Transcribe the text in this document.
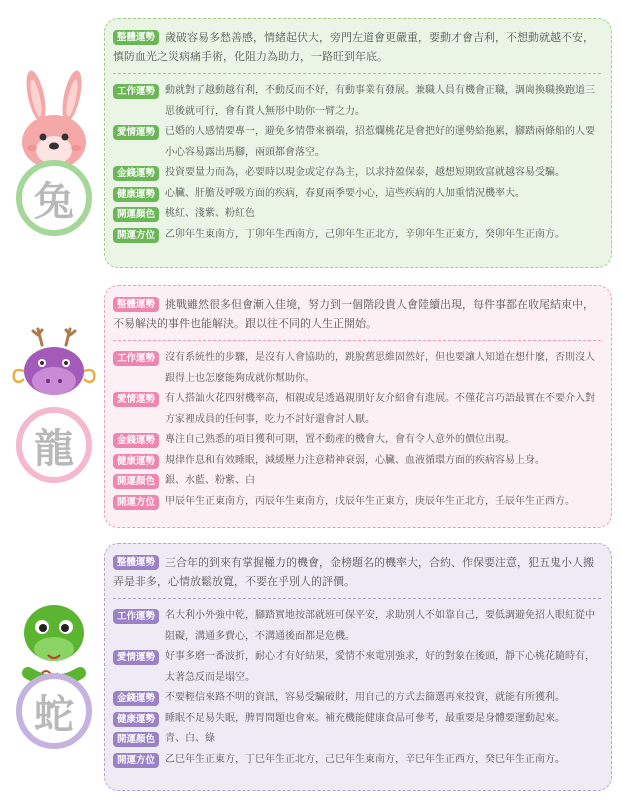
兔
整體運勢 歲破容易多愁善感，情緒起伏大，旁門左道會更嚴重，要動才會吉利，不想動就越不安，慎防血光之災病痛手術，化阻力為助力，一路旺到年底。
工作運勢	動就對了越動越有利，不動反而不好，有動事業有發展。兼職人員有機會正職，調崗換職換跑道三思後就可行，會有貴人無形中助你一臂之力。
愛情運勢	已婚的人感情要專一，避免多情帶來禍端，招惹爛桃花是會把好的運勢給拖累，腳踏兩條船的人要小心容易露出馬腳，兩頭都會落空。
金錢運勢	投資要量力而為，必要時以現金或定存為主，以求持盈保泰，越想短期致富就越容易受騙。
健康運勢	心臟、肝膽及呼吸方面的疾病，春夏兩季要小心，這些疾病的人加重情況機率大。
開運顏色	桃紅、淺紫、粉紅色
開運方位	乙卯年生東南方，丁卯年生西南方，己卯年生正北方，辛卯年生正東方，癸卯年生正南方。
龍
整體運勢 挑戰雖然很多但會漸入佳境，努力到一個階段貴人會陸續出現，每件事都在收尾結束中，不易解決的事件也能解決。跟以往不同的人生正開始。
工作運勢	沒有系統性的步驟，是沒有人會協助的，跳脫舊思維固然好，但也要讓人知道在想什麼，否則沒人跟得上也怎麼能夠成就你幫助你。
愛情運勢	有人搭訕火花四射機率高，相親或是透過親朋好友介紹會有進展。不僅花言巧語最實在不要介入對方家裡成員的任何事，吃力不討好還會討人厭。
金錢運勢	專注自己熟悉的項目獲利可期，置不動產的機會大，會有令人意外的價位出現。
健康運勢	規律作息和有效睡眠，減緩壓力注意精神衰弱，心臟、血液循環方面的疾病容易上身。
開運顏色	銀、水藍、粉紫、白
開運方位	甲辰年生正東南方，丙辰年生東南方，戊辰年生正東方，庚辰年生正北方，壬辰年生正西方。
蛇
整體運勢 三合年的到來有掌握權力的機會，金榜題名的機率大，合約、作保要注意，犯五鬼小人搬弄是非多，心情放鬆放寬，不要在乎別人的評價。
工作運勢	名大利小外強中乾，腳踏實地按部就班可保平安，求助別人不如靠自己，要低調避免招人眼紅從中阻礙，溝通多費心，不溝通後面都是危機。
愛情運勢	好事多磨一番波折，耐心才有好結果，愛情不來電別強求，好的對象在後頭，靜下心桃花隨時有，太著急反而是塌空。
金錢運勢	不要輕信來路不明的資訊，容易受騙破財，用自己的方式去篩選再來投資，就能有所獲利。
健康運勢	睡眠不足易失眠，脾胃問題也會來。補充機能健康食品可參考，最重要是身體要運動起來。
開運顏色	青、白、綠
開運方位	乙巳年生正東方，丁巳年生正北方，己巳年生東南方，辛巳年生正西方，癸巳年生正南方。
